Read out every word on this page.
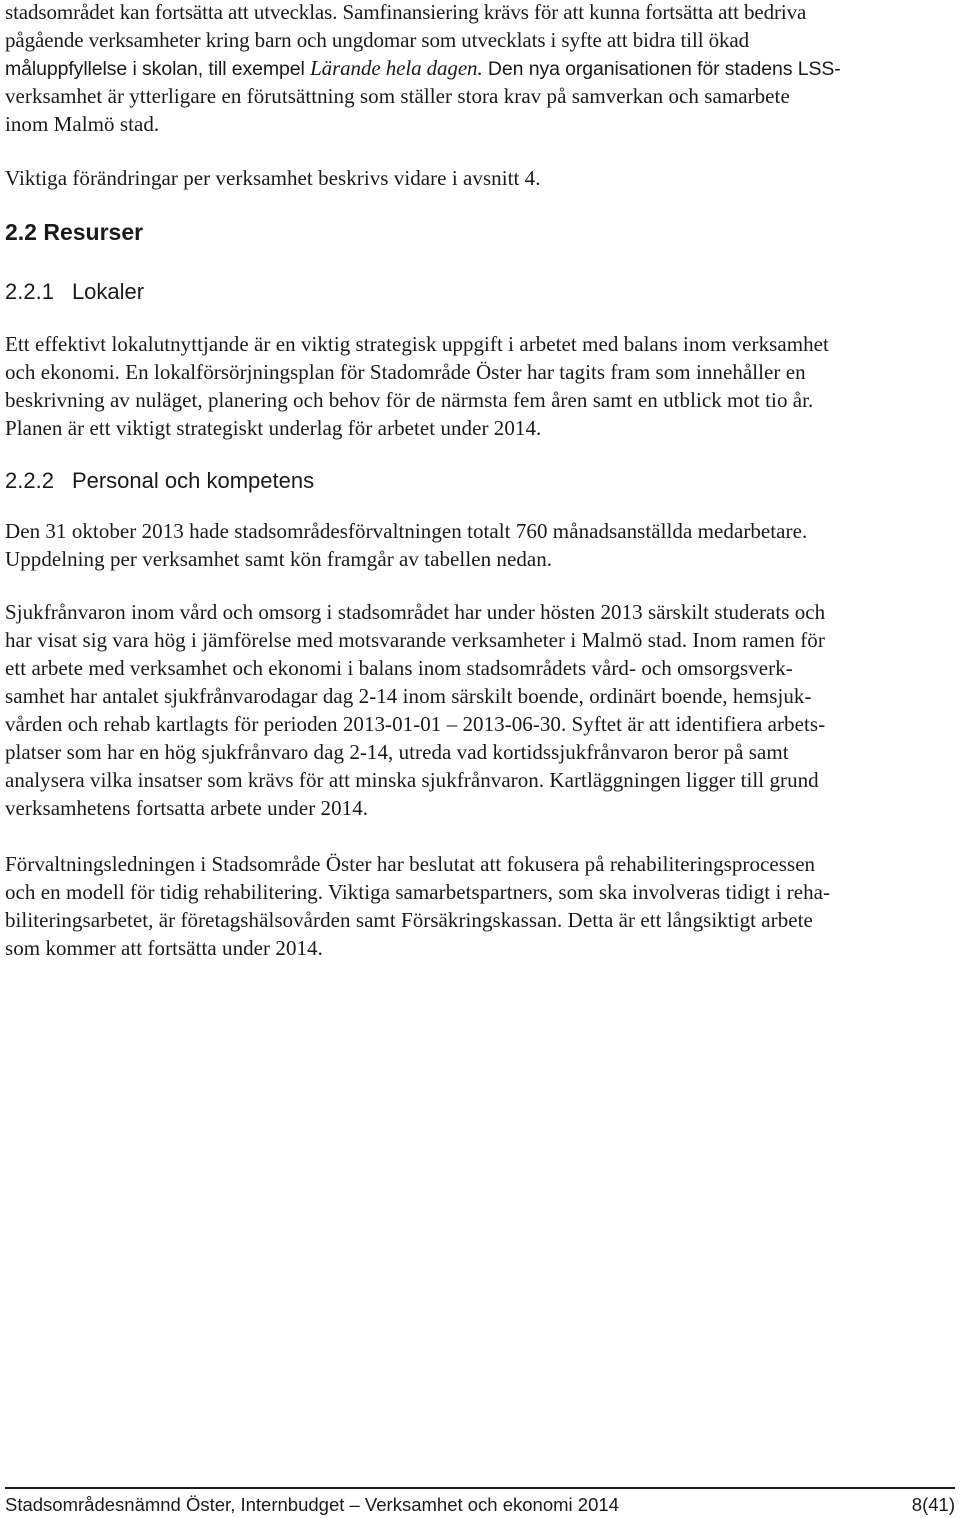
stadsområdet kan fortsätta att utvecklas. Samfinansiering krävs för att kunna fortsätta att bedriva
pågående verksamheter kring barn och ungdomar som utvecklats i syfte att bidra till ökad
måluppfyllelse i skolan, till exempel Lärande hela dagen. Den nya organisationen för stadens LSS-
verksamhet är ytterligare en förutsättning som ställer stora krav på samverkan och samarbete
inom Malmö stad.
Viktiga förändringar per verksamhet beskrivs vidare i avsnitt 4.
2.2 Resurser
2.2.1 Lokaler
Ett effektivt lokalutnyttjande är en viktig strategisk uppgift i arbetet med balans inom verksamhet
och ekonomi. En lokalförsörjningsplan för Stadområde Öster har tagits fram som innehåller en
beskrivning av nuläget, planering och behov för de närmsta fem åren samt en utblick mot tio år.
Planen är ett viktigt strategiskt underlag för arbetet under 2014.
2.2.2 Personal och kompetens
Den 31 oktober 2013 hade stadsområdesförvaltningen totalt 760 månadsanställda medarbetare.
Uppdelning per verksamhet samt kön framgår av tabellen nedan.
Sjukfrånvaron inom vård och omsorg i stadsområdet har under hösten 2013 särskilt studerats och
har visat sig vara hög i jämförelse med motsvarande verksamheter i Malmö stad. Inom ramen för
ett arbete med verksamhet och ekonomi i balans inom stadsområdets vård- och omsorgsverk-
samhet har antalet sjukfrånvarodagar dag 2-14 inom särskilt boende, ordinärt boende, hemsjuk-
vården och rehab kartlagts för perioden 2013-01-01 – 2013-06-30. Syftet är att identifiera arbets-
platser som har en hög sjukfrånvaro dag 2-14, utreda vad kortidssjukfrånvaron beror på samt
analysera vilka insatser som krävs för att minska sjukfrånvaron. Kartläggningen ligger till grund
verksamhetens fortsatta arbete under 2014.
Förvaltningsledningen i Stadsområde Öster har beslutat att fokusera på rehabiliteringsprocessen
och en modell för tidig rehabilitering. Viktiga samarbetspartners, som ska involveras tidigt i reha-
biliteringsarbetet, är företagshälsovården samt Försäkringskassan. Detta är ett långsiktigt arbete
som kommer att fortsätta under 2014.
Stadsområdesnämnd Öster, Internbudget – Verksamhet och ekonomi 2014	8(41)
